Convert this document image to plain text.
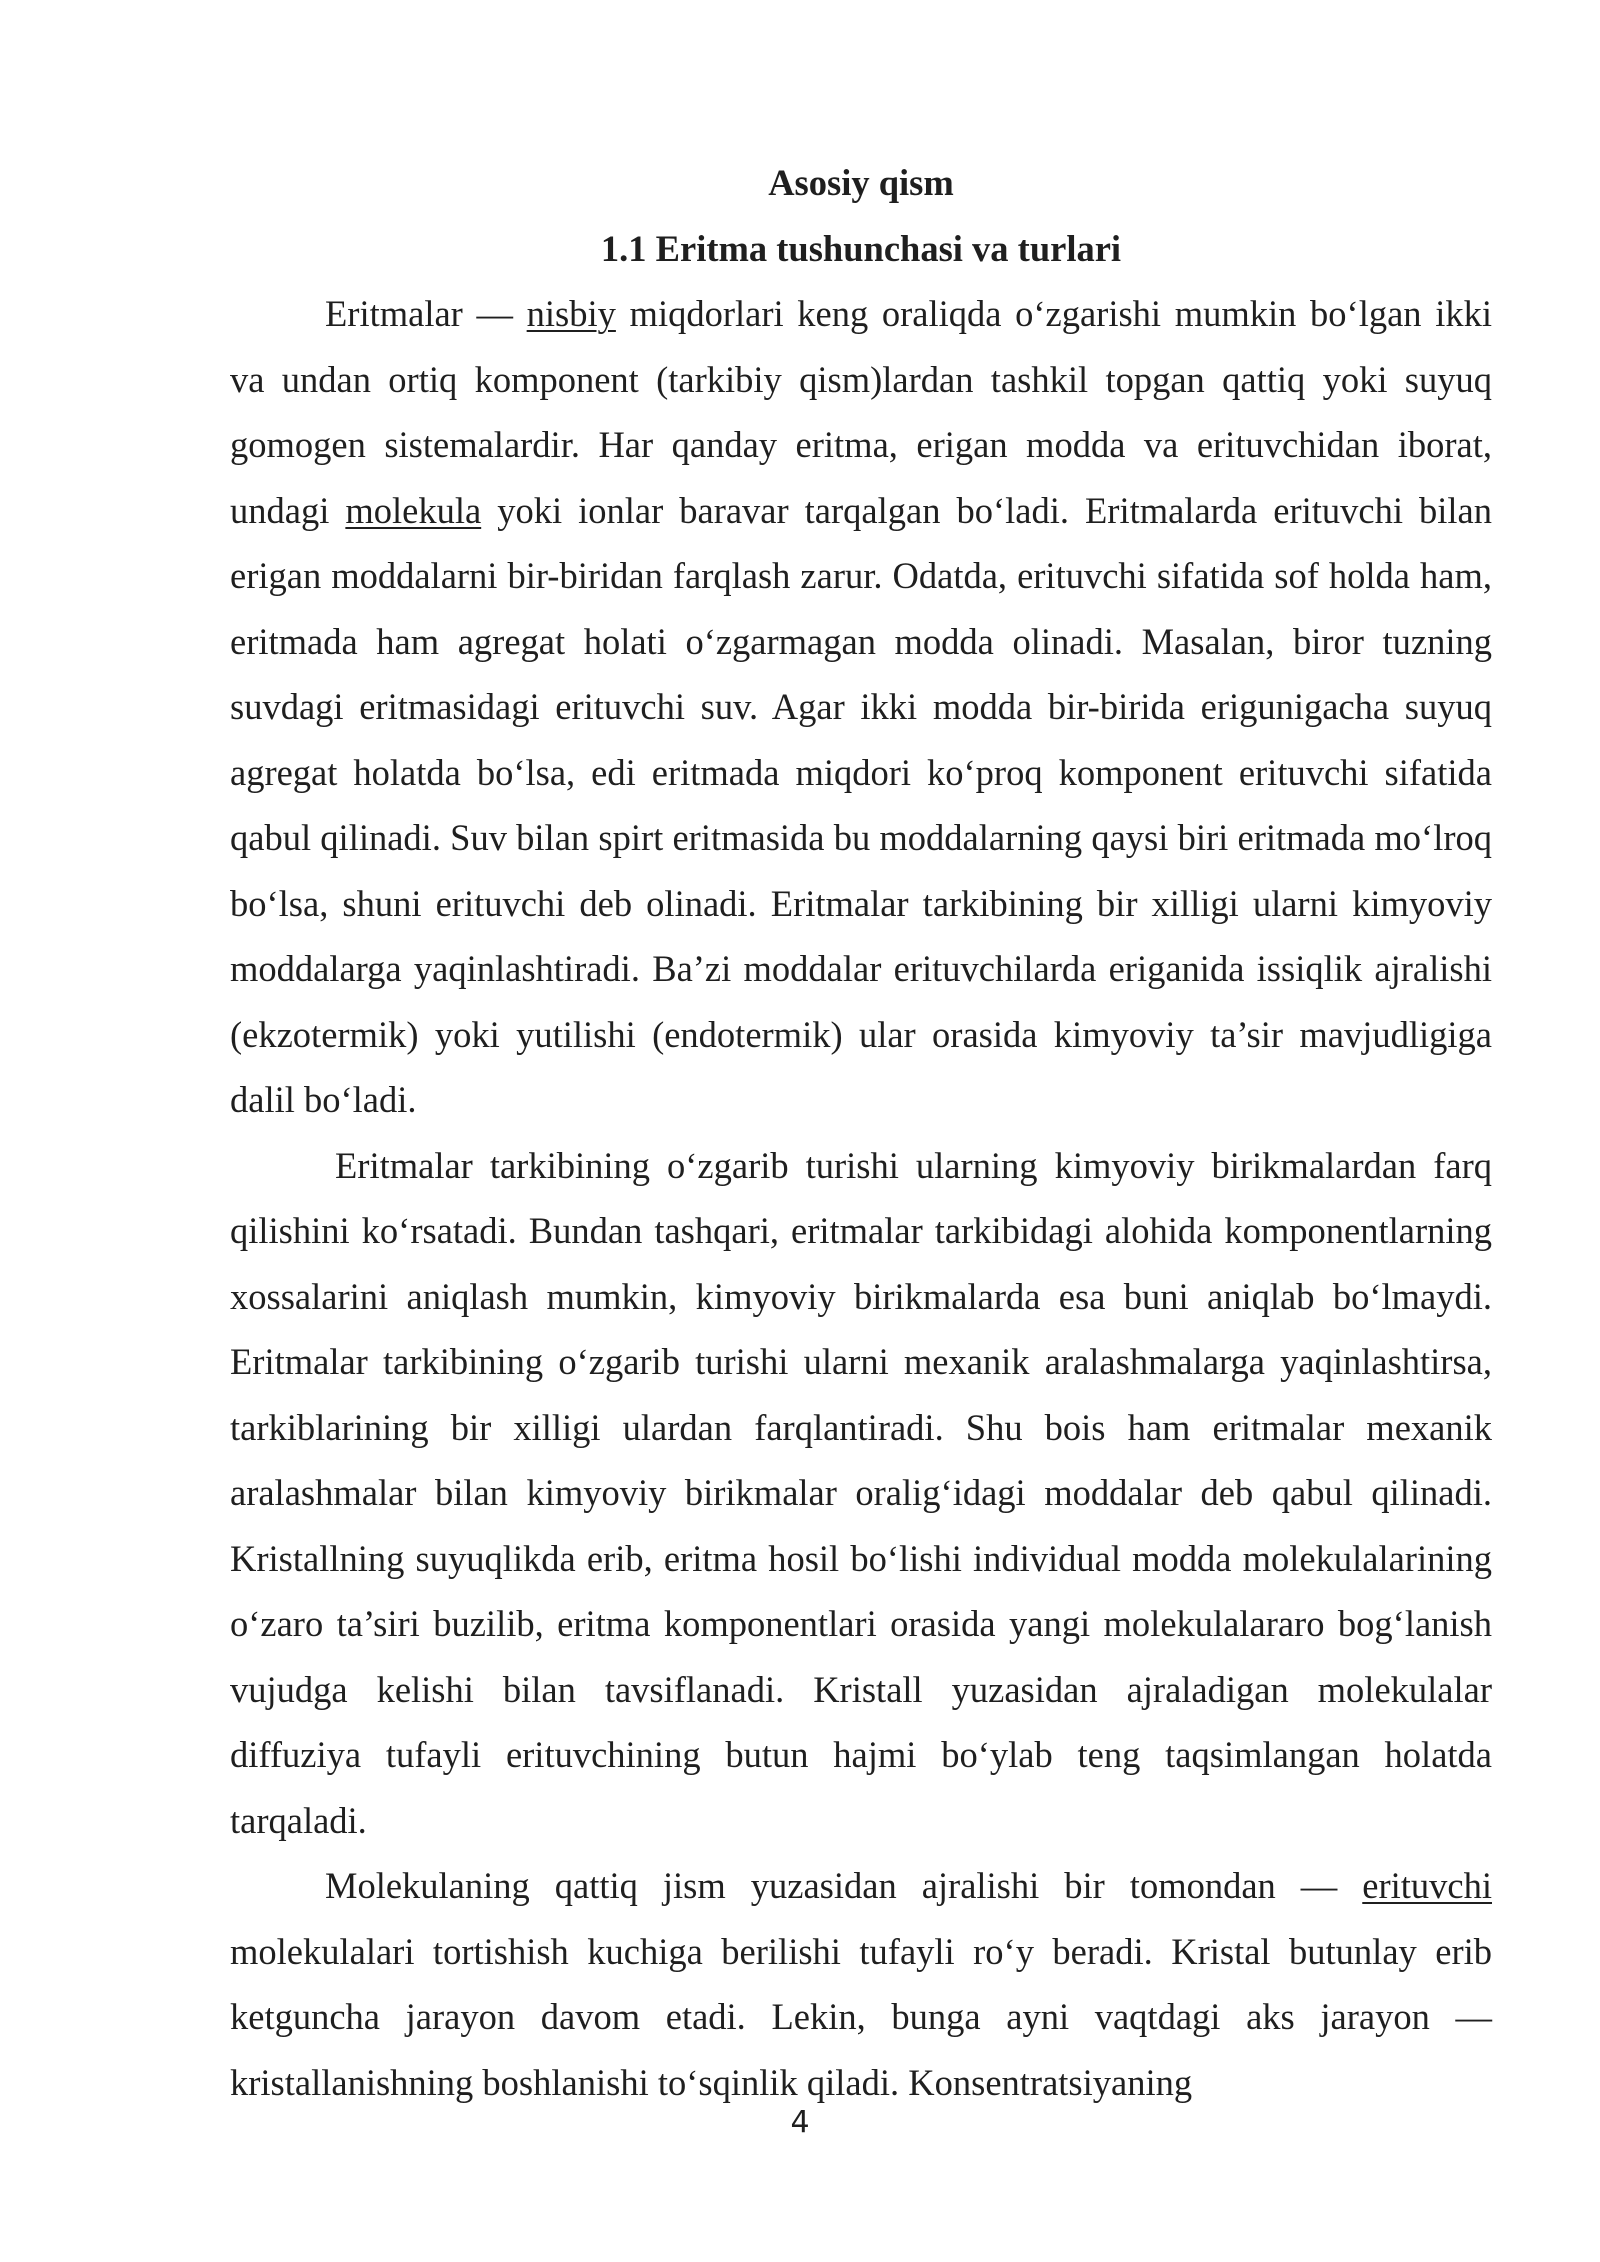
Asosiy qism
1.1 Eritma tushunchasi va turlari

Eritmalar — nisbiy miqdorlari keng oraliqda o‘zgarishi mumkin bo‘lgan ikki va undan ortiq komponent (tarkibiy qism)lardan tashkil topgan qattiq yoki suyuq gomogen sistemalardir. Har qanday eritma, erigan modda va erituvchidan iborat, undagi molekula yoki ionlar baravar tarqalgan bo‘ladi. Eritmalarda erituvchi bilan erigan moddalarni bir-biridan farqlash zarur. Odatda, erituvchi sifatida sof holda ham, eritmada ham agregat holati o‘zgarmagan modda olinadi. Masalan, biror tuzning suvdagi eritmasidagi erituvchi suv. Agar ikki modda bir-birida erigunigacha suyuq agregat holatda bo‘lsa, edi eritmada miqdori ko‘proq komponent erituvchi sifatida qabul qilinadi. Suv bilan spirt eritmasida bu moddalarning qaysi biri eritmada mo‘lroq bo‘lsa, shuni erituvchi deb olinadi. Eritmalar tarkibining bir xilligi ularni kimyoviy moddalarga yaqinlashtiradi. Ba’zi moddalar erituvchilarda eriganida issiqlik ajralishi (ekzotermik) yoki yutilishi (endotermik) ular orasida kimyoviy ta’sir mavjudligiga dalil bo‘ladi.

Eritmalar tarkibining o‘zgarib turishi ularning kimyoviy birikmalardan farq qilishini ko‘rsatadi. Bundan tashqari, eritmalar tarkibidagi alohida komponentlarning xossalarini aniqlash mumkin, kimyoviy birikmalarda esa buni aniqlab bo‘lmaydi. Eritmalar tarkibining o‘zgarib turishi ularni mexanik aralashmalarga yaqinlashtirsa, tarkiblarining bir xilligi ulardan farqlantiradi. Shu bois ham eritmalar mexanik aralashmalar bilan kimyoviy birikmalar oralig‘idagi moddalar deb qabul qilinadi. Kristallning suyuqlikda erib, eritma hosil bo‘lishi individual modda molekulalarining o‘zaro ta’siri buzilib, eritma komponentlari orasida yangi molekulalararo bog‘lanish vujudga kelishi bilan tavsiflanadi. Kristall yuzasidan ajraladigan molekulalar diffuziya tufayli erituvchining butun hajmi bo‘ylab teng taqsimlangan holatda tarqaladi.

Molekulaning qattiq jism yuzasidan ajralishi bir tomondan — erituvchi molekulalari tortishish kuchiga berilishi tufayli ro‘y beradi. Kristal butunlay erib ketguncha jarayon davom etadi. Lekin, bunga ayni vaqtdagi aks jarayon — kristallanishning boshlanishi to‘sqinlik qiladi. Konsentratsiyaning

4
